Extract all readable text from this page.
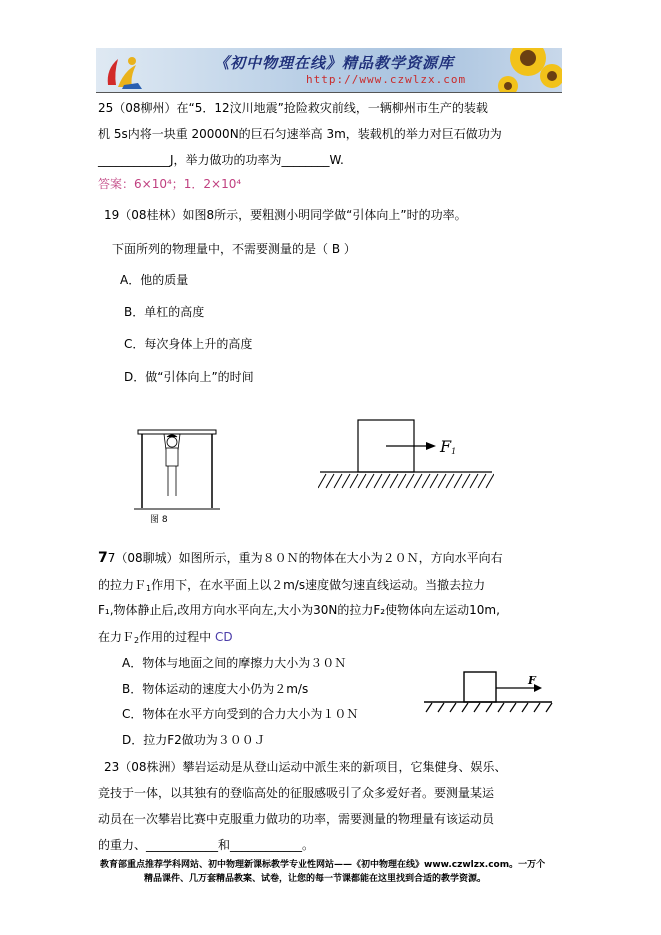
《初中物理在线》精品教学资源库
http://www.czwlzx.com
25（08柳州）在“5．12汶川地震”抢险救灾前线，一辆柳州市生产的装载
机 5s内将一块重 20000N的巨石匀速举高 3m，装载机的举力对巨石做功为
____________J，举力做功的功率为________W.
答案：6×10⁴；1．2×10⁴
19（08桂林）如图8所示，要粗测小明同学做“引体向上”时的功率。
下面所列的物理量中，不需要测量的是（ B ）
A．他的质量
B．单杠的高度
C．每次身体上升的高度
D．做“引体向上”的时间
图 8
$F_1$
77（08聊城）如图所示，重为８０Ｎ的物体在大小为２０Ｎ，方向水平向右
的拉力Ｆ$_1$作用下，在水平面上以２m/s速度做匀速直线运动。当撤去拉力
F₁,物体静止后,改用方向水平向左,大小为30N的拉力F₂使物体向左运动10m,
在力Ｆ$_2$作用的过程中 CD
A．物体与地面之间的摩擦力大小为３０Ｎ
B．物体运动的速度大小仍为２m/s
C．物体在水平方向受到的合力大小为１０Ｎ
D．拉力F2做功为３００Ｊ
F
23（08株洲）攀岩运动是从登山运动中派生来的新项目，它集健身、娱乐、
竞技于一体，以其独有的登临高处的征服感吸引了众多爱好者。要测量某运
动员在一次攀岩比赛中克服重力做功的功率，需要测量的物理量有该运动员
的重力、____________和____________。
教育部重点推荐学科网站、初中物理新课标教学专业性网站——《初中物理在线》www.czwlzx.com。一万个
精品课件、几万套精品教案、试卷，让您的每一节课都能在这里找到合适的教学资源。
